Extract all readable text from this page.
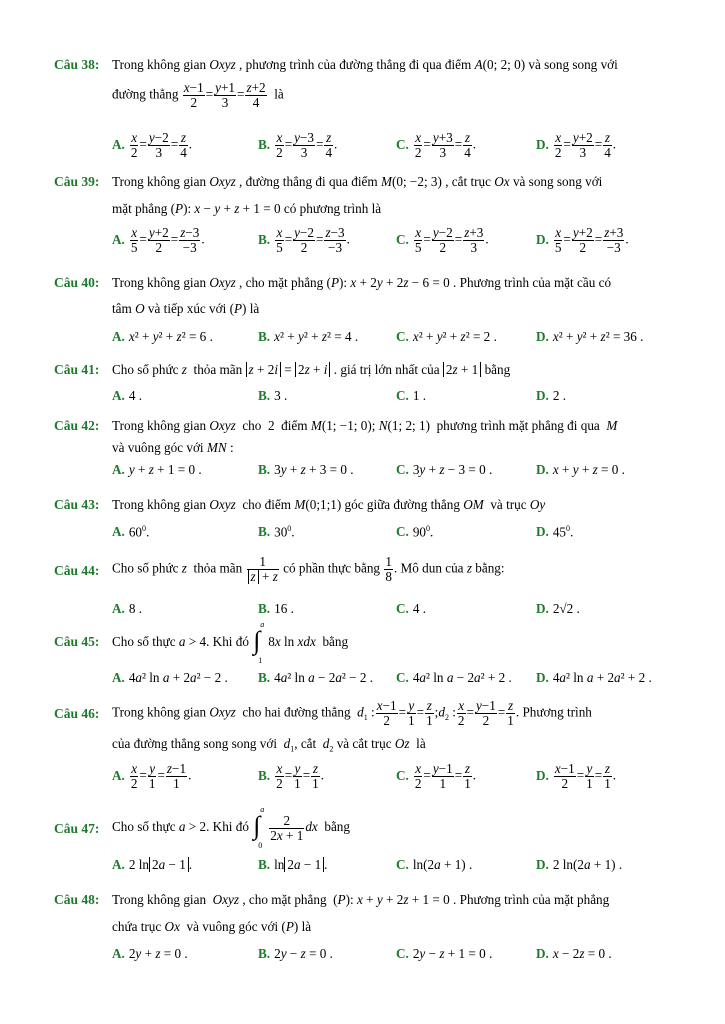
Câu 38: Trong không gian Oxyz , phương trình của đường thẳng đi qua điểm A(0; 2; 0) và song song với
đường thẳng $\frac{x-1}{2} = \frac{y+1}{3} = \frac{z+2}{4}$ là
A. $\frac{x}{2} = \frac{y-2}{3} = \frac{z}{4}$ .	B. $\frac{x}{2} = \frac{y-3}{3} = \frac{z}{4}$ .	C. $\frac{x}{2} = \frac{y+3}{3} = \frac{z}{4}$ .	D. $\frac{x}{2} = \frac{y+2}{3} = \frac{z}{4}$ .
Câu 39: Trong không gian Oxyz , đường thẳng đi qua điểm M(0; −2; 3) , cắt trục Ox và song song với
mặt phẳng (P): x − y + z + 1 = 0 có phương trình là
A. $\frac{x}{5} = \frac{y+2}{2} = \frac{z-3}{-3}$ .	B. $\frac{x}{5} = \frac{y-2}{2} = \frac{z-3}{-3}$ .	C. $\frac{x}{5} = \frac{y-2}{2} = \frac{z+3}{3}$ .	D. $\frac{x}{5} = \frac{y+2}{2} = \frac{z+3}{-3}$ .
Câu 40: Trong không gian Oxyz , cho mặt phẳng (P): x + 2y + 2z − 6 = 0 . Phương trình của mặt cầu có
tâm O và tiếp xúc với (P) là
A. x² + y² + z² = 6 .	B. x² + y² + z² = 4 .	C. x² + y² + z² = 2 .	D. x² + y² + z² = 36 .
Câu 41: Cho số phức z  thỏa mãn z + 2i = 2z + i . giá trị lớn nhất của 2z + 1 bằng
A. 4 .	B. 3 .	C. 1 .	D. 2 .
Câu 42: Trong không gian Oxyz  cho  2  điểm M(1; −1; 0); N(1; 2; 1)  phương trình mặt phẳng đi qua  M
và vuông góc với MN :
A. y + z + 1 = 0 .	B. 3y + z + 3 = 0 .	C. 3y + z − 3 = 0 .	D. x + y + z = 0 .
Câu 43: Trong không gian Oxyz  cho điểm M(0;1;1) góc giữa đường thẳng OM  và trục Oy
A. $60^0$.	B. $30^0$.	C. $90^0$.	D. $45^0$.
Câu 44: Cho số phức z  thỏa mãn $\frac{1}{z + z}$ có phần thực bằng $\frac{1}{8}$ . Mô dun của z bằng:
A. 8 .	B. 16 .	C. 4 .	D. 2√2 .
Câu 45: Cho số thực a > 4. Khi đó ∫
a
1
8x ln xdx  bằng
A. 4a² ln a + 2a² − 2 . B. 4a² ln a − 2a² − 2 . C. 4a² ln a − 2a² + 2 . D. 4a² ln a + 2a² + 2 .
Câu 46: Trong không gian Oxyz  cho hai đường thẳng  $d_1$ : $\frac{x-1}{2} = \frac{y}{1} = \frac{z}{1}$ $;d_2$ : $\frac{x}{2} = \frac{y-1}{2} = \frac{z}{1}$ . Phương trình
của đường thẳng song song với  $d_1$, cắt  $d_2$ và cắt trục Oz  là
A. $\frac{x}{2} = \frac{y}{1} = \frac{z-1}{1}$ .	B. $\frac{x}{2} = \frac{y}{1} = \frac{z}{1}$ .	C. $\frac{x}{2} = \frac{y-1}{1} = \frac{z}{1}$ .	D. $\frac{x-1}{2} = \frac{y}{1} = \frac{z}{1}$ .
Câu 47: Cho số thực a > 2. Khi đó ∫
a
0
$\frac{2}{2x + 1}$ dx  bằng
A. 2 ln 2a − 1 .	B. ln 2a − 1 .	C. ln(2a + 1) .	D. 2 ln(2a + 1) .
Câu 48: Trong không gian  Oxyz , cho mặt phẳng  (P): x + y + 2z + 1 = 0 . Phương trình của mặt phẳng
chứa trục Ox  và vuông góc với (P) là
A. 2y + z = 0 .	B. 2y − z = 0 .	C. 2y − z + 1 = 0 .	D. x − 2z = 0 .
